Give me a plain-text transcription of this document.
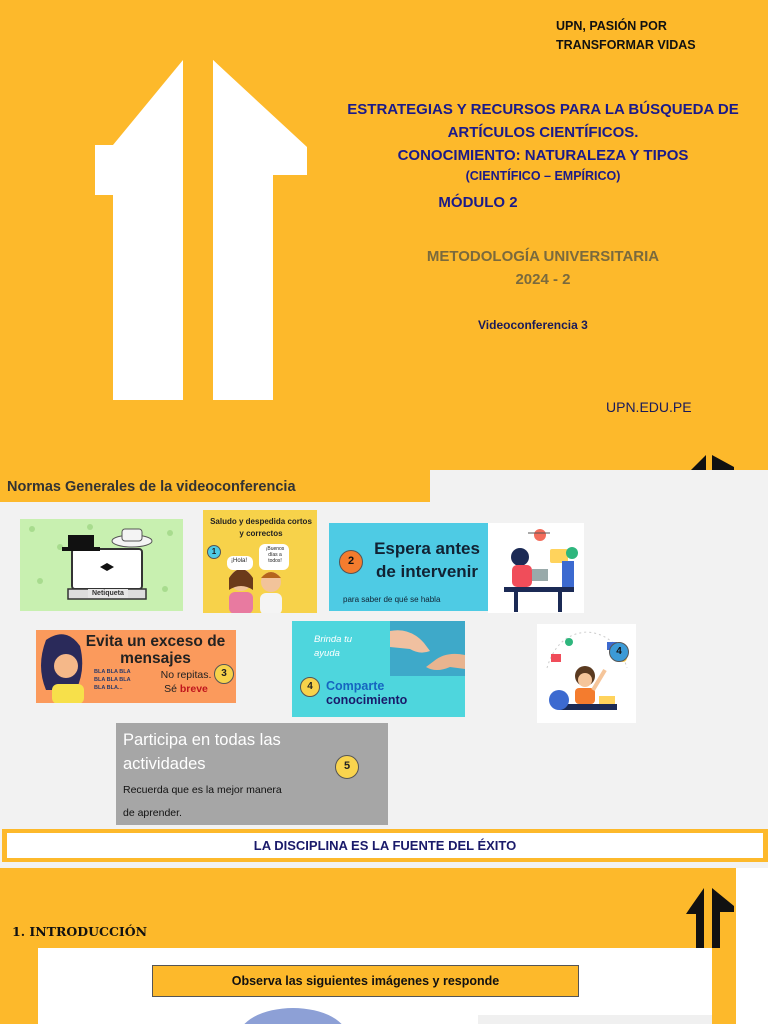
UPN, PASIÓN POR
TRANSFORMAR VIDAS
ESTRATEGIAS Y RECURSOS PARA LA BÚSQUEDA DE
ARTÍCULOS CIENTÍFICOS.
CONOCIMIENTO: NATURALEZA Y TIPOS
(CIENTÍFICO – EMPÍRICO)
MÓDULO 2
METODOLOGÍA UNIVERSITARIA
2024 - 2
Videoconferencia 3
UPN.EDU.PE
Normas Generales de la videoconferencia
Netiqueta
Saludo y despedida cortos y correctos
1
¡Hola!
¡Buenos días a todos!	2
Espera antes de intervenir
para saber de qué se habla
BLA BLA BLA BLA BLA BLA BLA BLA...
Evita un exceso de mensajes
3
No repitas.
Sé breve
Brinda tu
ayuda
4	Comparte
conocimiento
4
Participa en todas las actividades	5
Recuerda que es la mejor manera
de aprender.
LA DISCIPLINA ES LA FUENTE DEL ÉXITO
1. INTRODUCCIÓN
Observa las siguientes imágenes y responde
